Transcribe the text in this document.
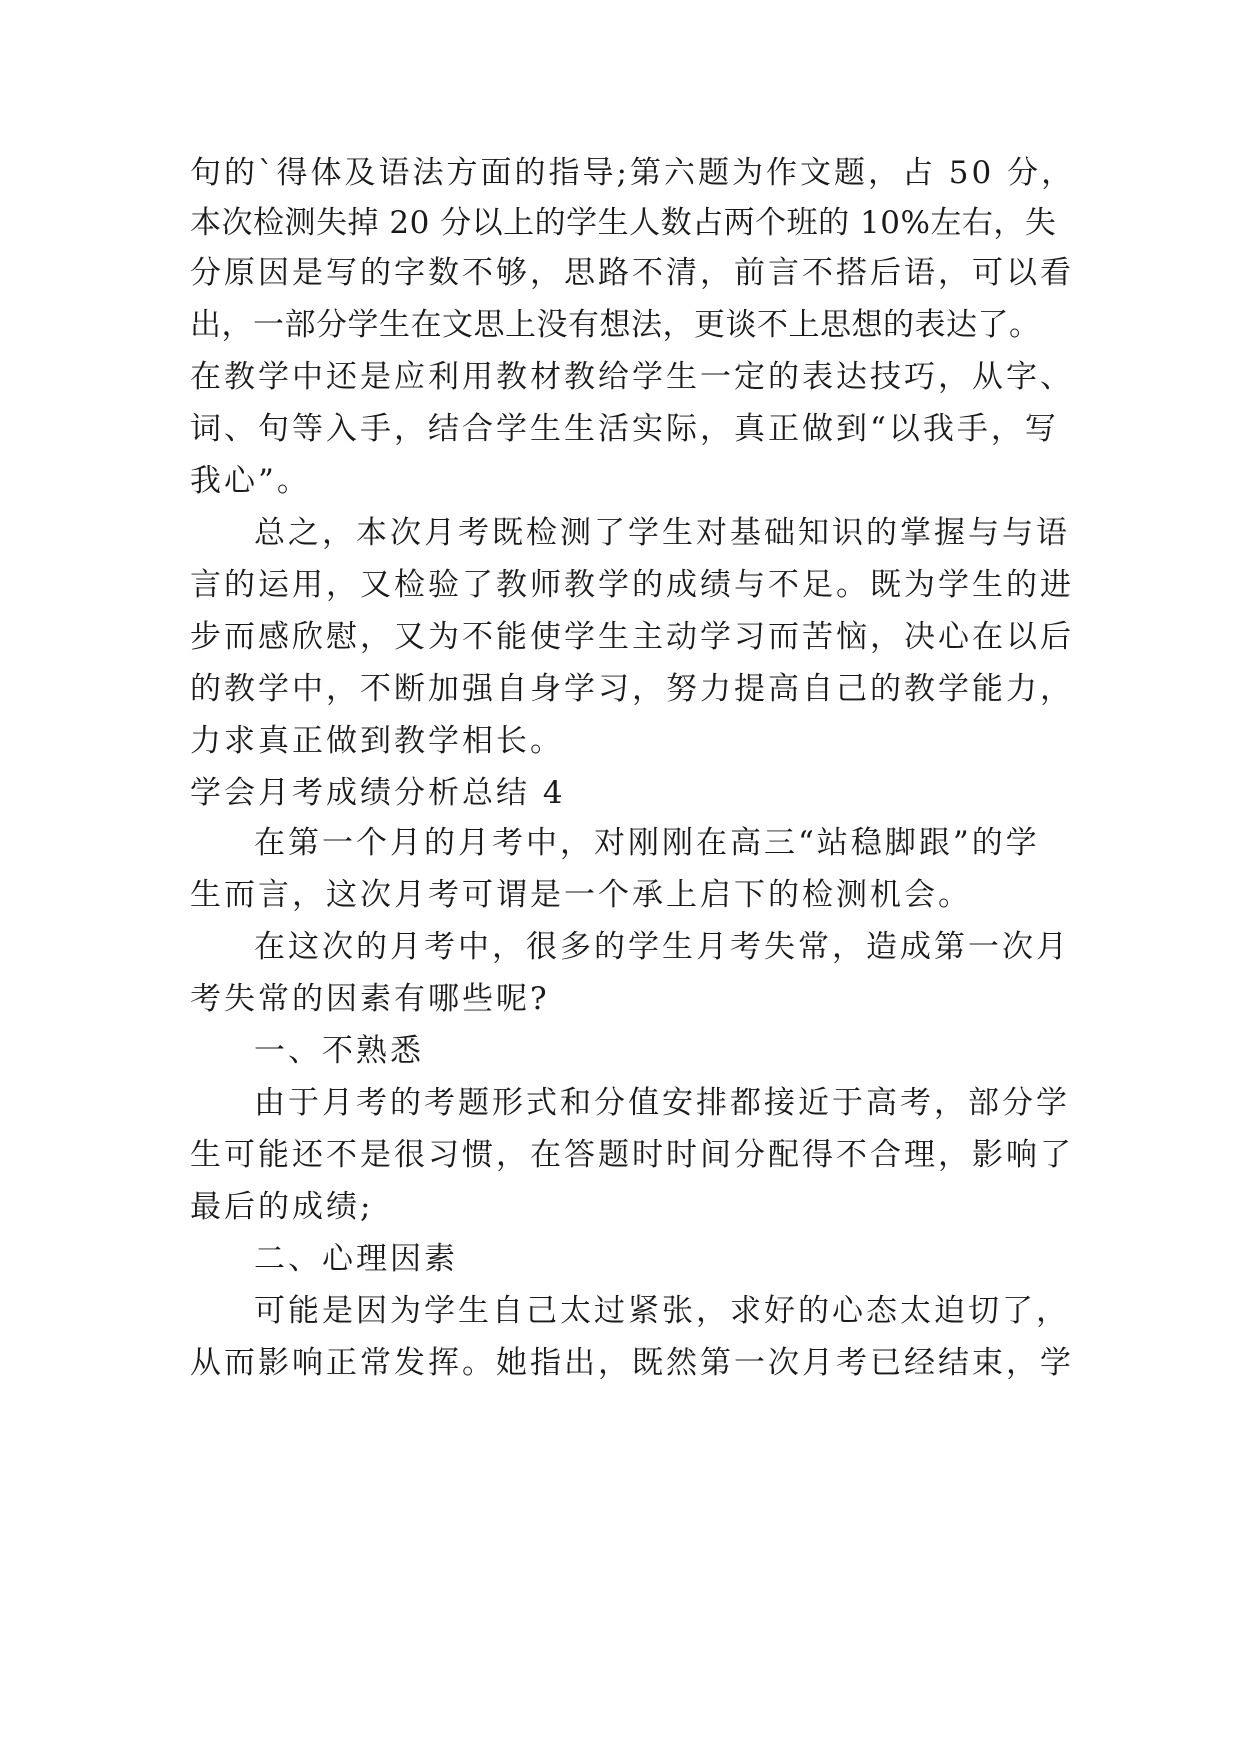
句的`得体及语法方面的指导;第六题为作文题，占 50 分，
本次检测失掉 20 分以上的学生人数占两个班的 10%左右，失
分原因是写的字数不够，思路不清，前言不搭后语，可以看
出，一部分学生在文思上没有想法，更谈不上思想的表达了。
在教学中还是应利用教材教给学生一定的表达技巧，从字、
词、句等入手，结合学生生活实际，真正做到“以我手，写
我心”。
总之，本次月考既检测了学生对基础知识的掌握与与语
言的运用，又检验了教师教学的成绩与不足。既为学生的进
步而感欣慰，又为不能使学生主动学习而苦恼，决心在以后
的教学中，不断加强自身学习，努力提高自己的教学能力，
力求真正做到教学相长。
学会月考成绩分析总结 4
在第一个月的月考中，对刚刚在高三“站稳脚跟”的学
生而言，这次月考可谓是一个承上启下的检测机会。
在这次的月考中，很多的学生月考失常，造成第一次月
考失常的因素有哪些呢?
一、不熟悉
由于月考的考题形式和分值安排都接近于高考，部分学
生可能还不是很习惯，在答题时时间分配得不合理，影响了
最后的成绩;
二、心理因素
可能是因为学生自己太过紧张，求好的心态太迫切了，
从而影响正常发挥。她指出，既然第一次月考已经结束，学
